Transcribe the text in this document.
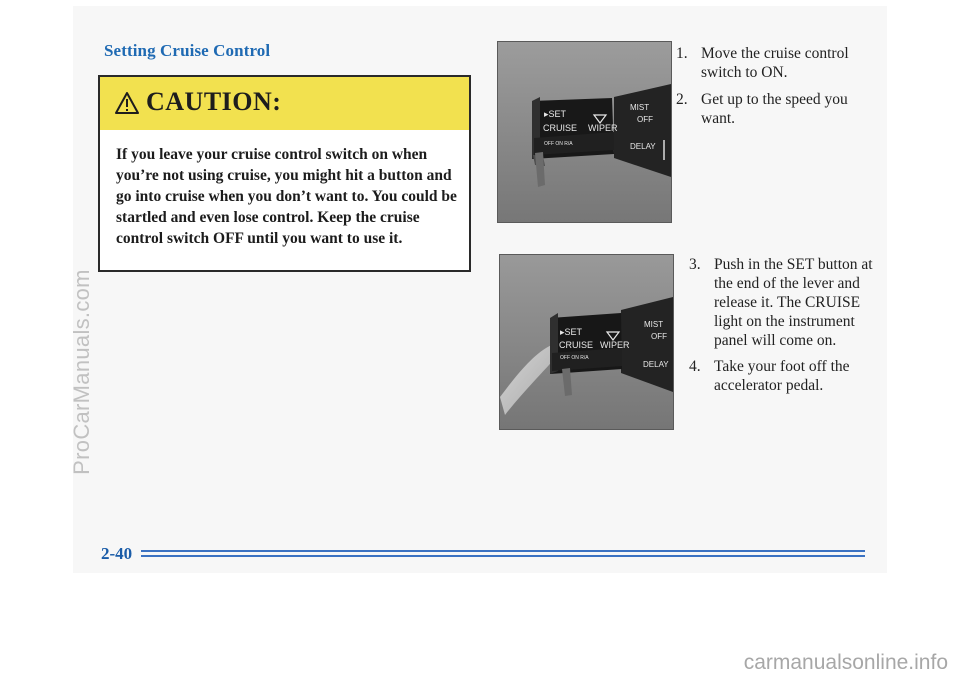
Setting Cruise Control
CAUTION:
If you leave your cruise control switch on when you’re not using cruise, you might hit a button and go into cruise when you don’t want to. You could be startled and even lose control. Keep the cruise control switch OFF until you want to use it.
▸SET
CRUISE WIPER
OFF ON R/A
MIST
OFF
DELAY
1. Move the cruise control switch to ON.
2. Get up to the speed you want.
▸SET
CRUISE WIPER
OFF ON R/A
MIST
OFF
DELAY
3. Push in the SET button at the end of the lever and release it. The CRUISE light on the instrument panel will come on.
4. Take your foot off the accelerator pedal.
2-40
ProCarManuals.com
carmanualsonline.info
